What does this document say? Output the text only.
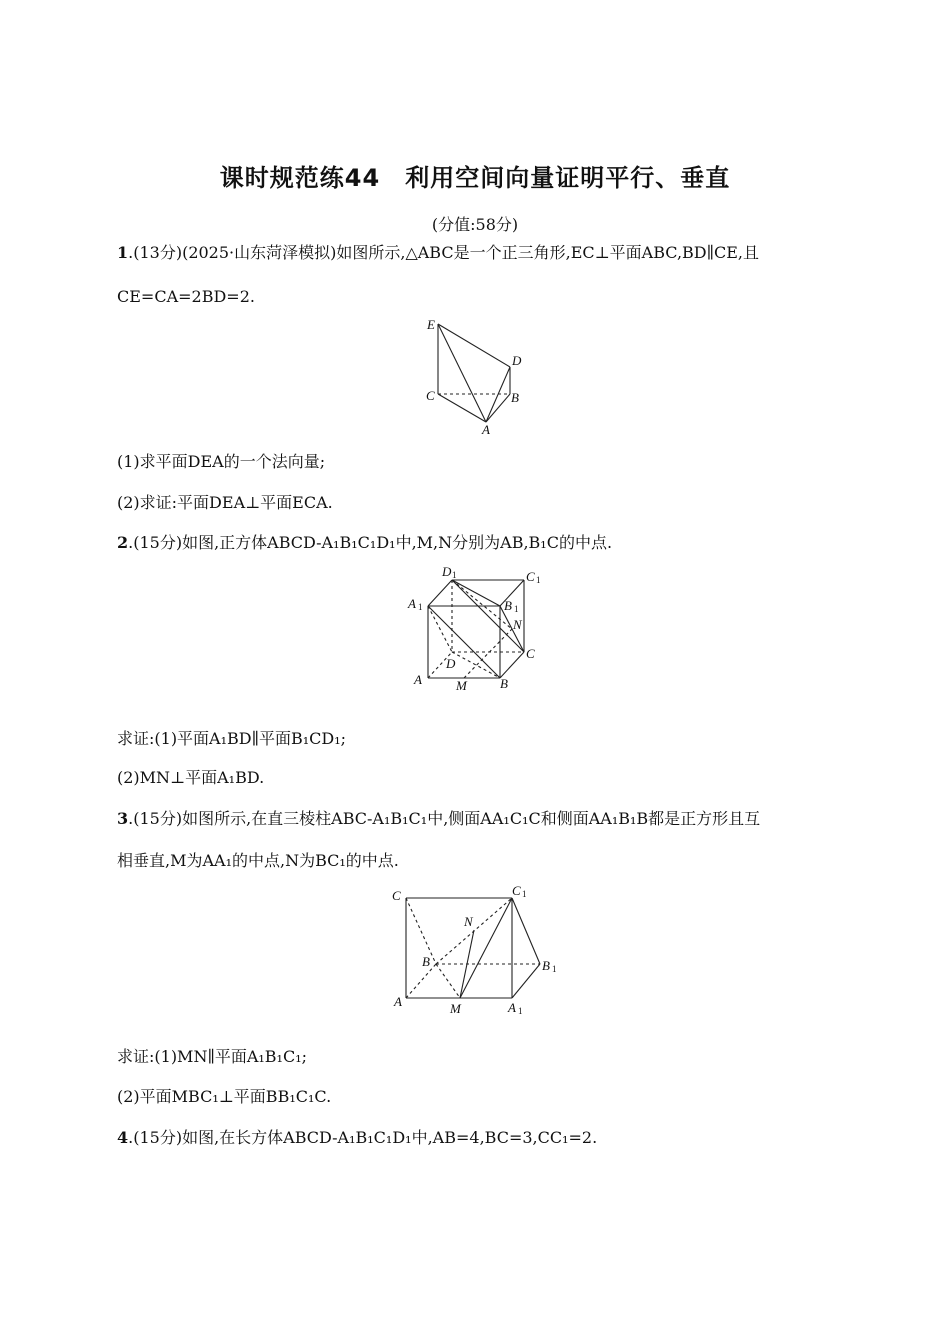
课时规范练44　利用空间向量证明平行、垂直
(分值:58分)
1.(13分)(2025·山东菏泽模拟)如图所示,△ABC是一个正三角形,EC⊥平面ABC,BD∥CE,且
CE=CA=2BD=2.
E
D
C	B
A
(1)求平面DEA的一个法向量;
(2)求证:平面DEA⊥平面ECA.
2.(15分)如图,正方体ABCD-A₁B₁C₁D₁中,M,N分别为AB,B₁C的中点.
D 1	C 1
A 1	B 1
N
D
C
A	M	B
求证:(1)平面A₁BD∥平面B₁CD₁;
(2)MN⊥平面A₁BD.
3.(15分)如图所示,在直三棱柱ABC-A₁B₁C₁中,侧面AA₁C₁C和侧面AA₁B₁B都是正方形且互
相垂直,M为AA₁的中点,N为BC₁的中点.
C	C 1
N
B	B 1
A	M	A 1
求证:(1)MN∥平面A₁B₁C₁;
(2)平面MBC₁⊥平面BB₁C₁C.
4.(15分)如图,在长方体ABCD-A₁B₁C₁D₁中,AB=4,BC=3,CC₁=2.
